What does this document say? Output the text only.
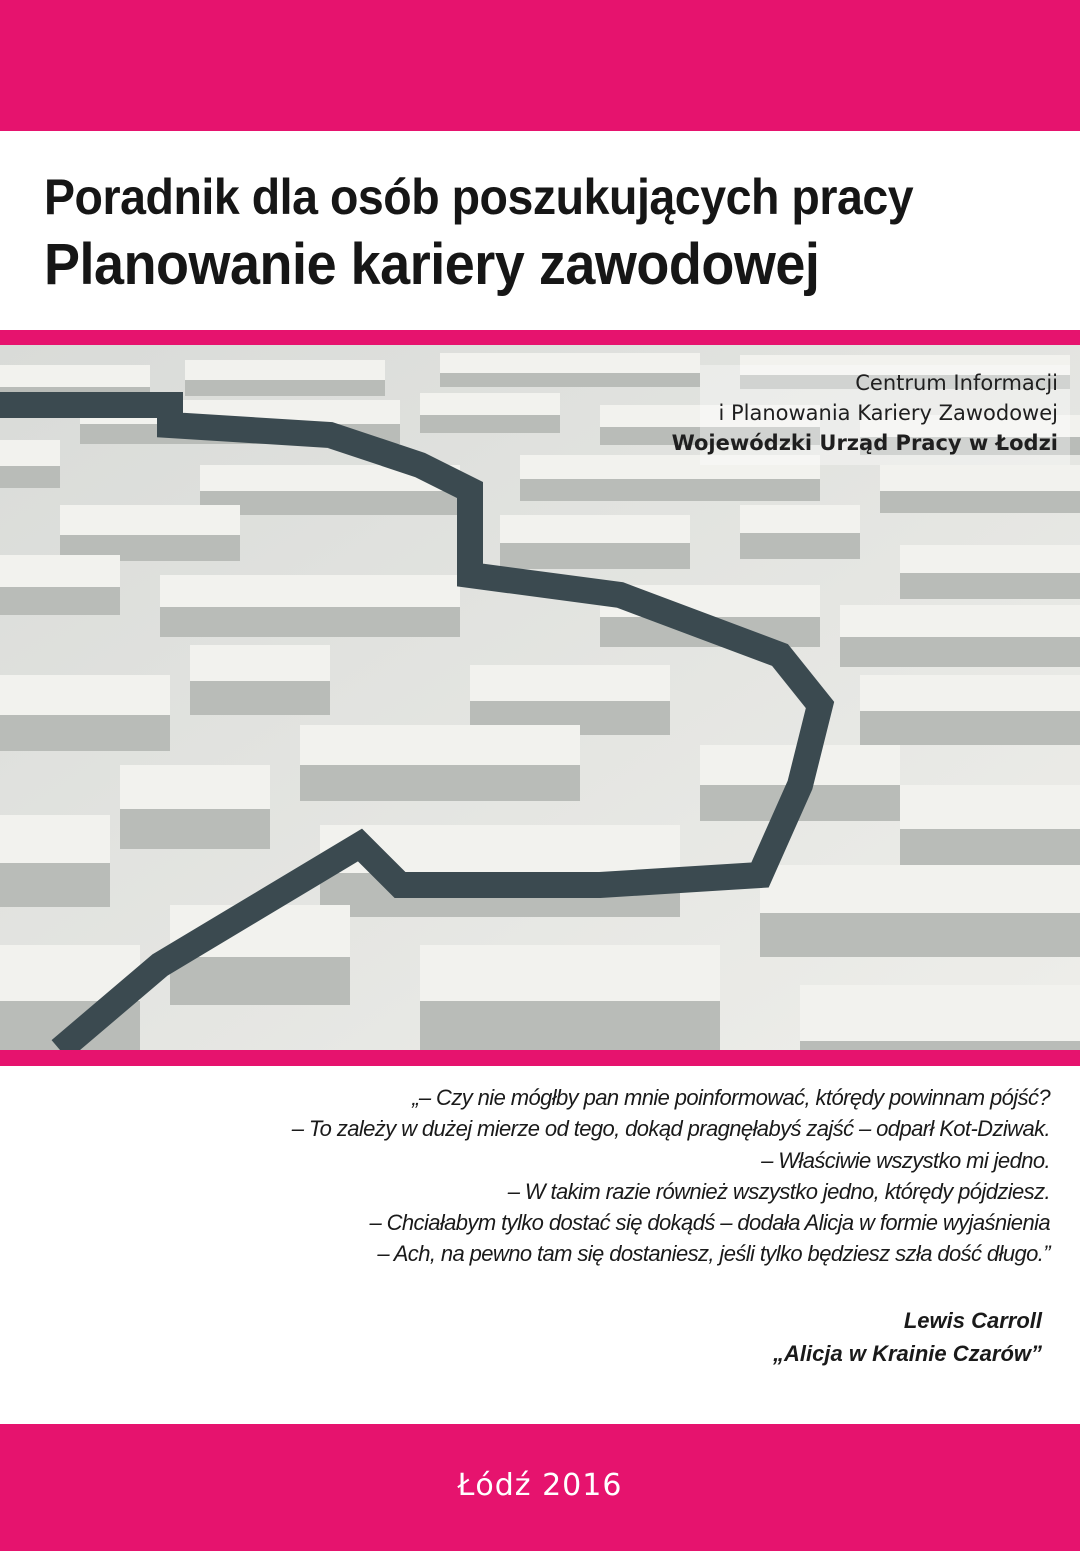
Poradnik dla osób poszukujących pracy
Planowanie kariery zawodowej
Centrum Informacji
i Planowania Kariery Zawodowej
Wojewódzki Urząd Pracy w Łodzi
„– Czy nie mógłby pan mnie poinformować, którędy powinnam pójść?
– To zależy w dużej mierze od tego, dokąd pragnęłabyś zajść – odparł Kot-Dziwak.
– Właściwie wszystko mi jedno.
– W takim razie również wszystko jedno, którędy pójdziesz.
– Chciałabym tylko dostać się dokądś – dodała Alicja w formie wyjaśnienia
– Ach, na pewno tam się dostaniesz, jeśli tylko będziesz szła dość długo.”
Lewis Carroll
„Alicja w Krainie Czarów”
Łódź 2016
